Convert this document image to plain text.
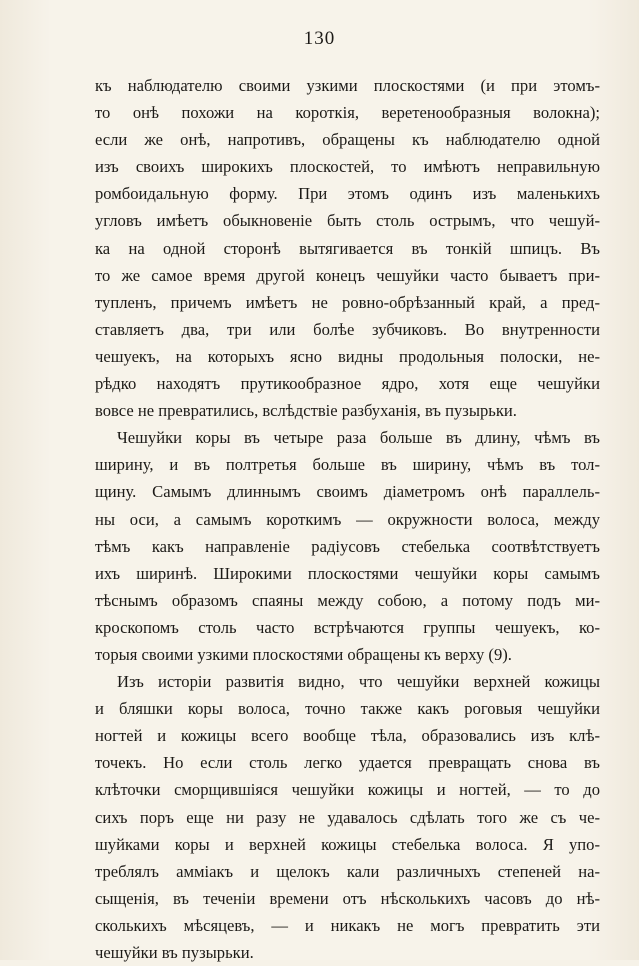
130
къ наблюдателю своими узкими плоскостями (и при этомъ-
то онѣ похожи на короткія, веретенообразныя волокна);
если же онѣ, напротивъ, обращены къ наблюдателю одной
изъ своихъ широкихъ плоскостей, то имѣютъ неправильную
ромбоидальную форму. При этомъ одинъ изъ маленькихъ
угловъ имѣетъ обыкновеніе быть столь острымъ, что чешуй-
ка на одной сторонѣ вытягивается въ тонкій шпицъ. Въ
то же самое время другой конецъ чешуйки часто бываетъ при-
тупленъ, причемъ имѣетъ не ровно-обрѣзанный край, а пред-
ставляетъ два, три или болѣе зубчиковъ. Во внутренности
чешуекъ, на которыхъ ясно видны продольныя полоски, не-
рѣдко находятъ прутикообразное ядро, хотя еще чешуйки
вовсе не превратились, вслѣдствіе разбуханія, въ пузырьки.
Чешуйки коры въ четыре раза больше въ длину, чѣмъ въ
ширину, и въ полтретья больше въ ширину, чѣмъ въ тол-
щину. Самымъ длиннымъ своимъ діаметромъ онѣ параллель-
ны оси, а самымъ короткимъ — окружности волоса, между
тѣмъ какъ направленіе радіусовъ стебелька соотвѣтствуетъ
ихъ ширинѣ. Широкими плоскостями чешуйки коры самымъ
тѣснымъ образомъ спаяны между собою, а потому подъ ми-
кроскопомъ столь часто встрѣчаются группы чешуекъ, ко-
торыя своими узкими плоскостями обращены къ верху (9).
Изъ исторіи развитія видно, что чешуйки верхней кожицы
и бляшки коры волоса, точно также какъ роговыя чешуйки
ногтей и кожицы всего вообще тѣла, образовались изъ клѣ-
точекъ. Но если столь легко удается превращать снова въ
клѣточки сморщившіяся чешуйки кожицы и ногтей, — то до
сихъ поръ еще ни разу не удавалось сдѣлать того же съ че-
шуйками коры и верхней кожицы стебелька волоса. Я упо-
треблялъ амміакъ и щелокъ кали различныхъ степеней на-
сыщенія, въ теченіи времени отъ нѣсколькихъ часовъ до нѣ-
сколькихъ мѣсяцевъ, — и никакъ не могъ превратить эти
чешуйки въ пузырьки.
